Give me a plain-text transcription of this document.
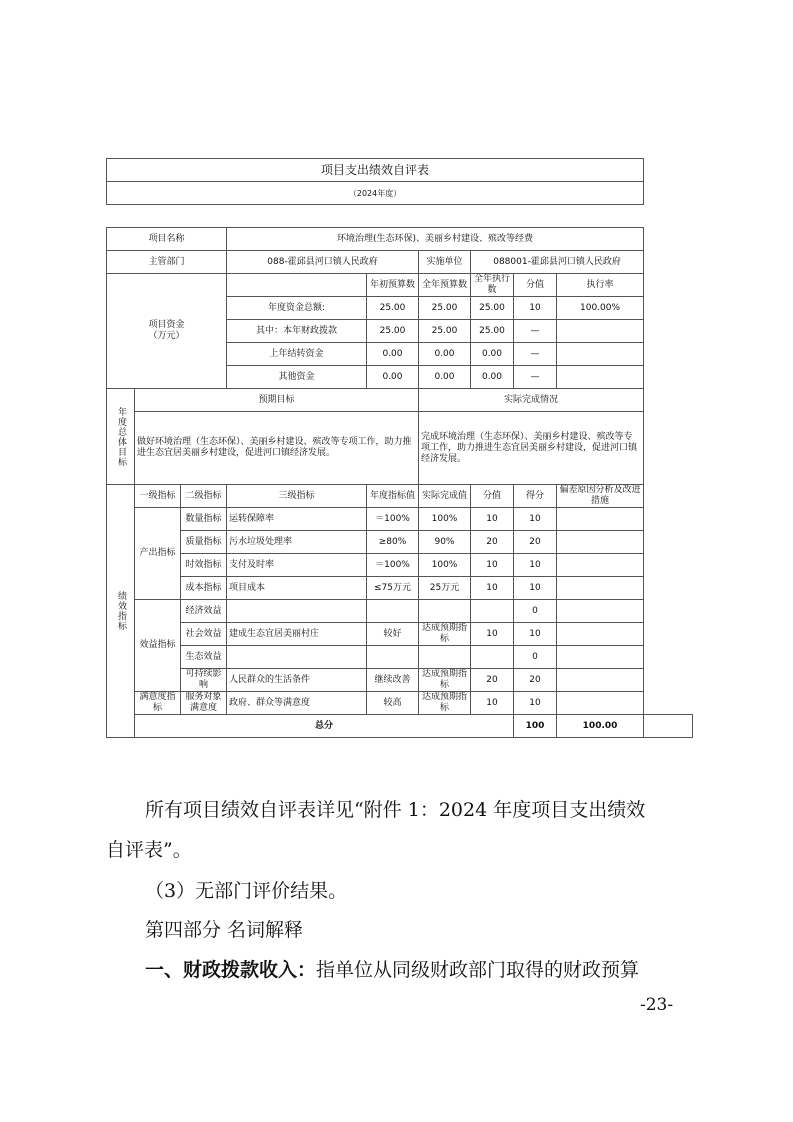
项目支出绩效自评表									
（2024年度）									

项目名称			环境治理(生态环保)、美丽乡村建设、殡改等经费						
主管部门			088-霍邱县河口镇人民政府		实施单位	088001-霍邱县河口镇人民政府			
项目资金
（万元）				年初预算数	全年预算数	全年执行数	分值	执行率	
			年度资金总额:	25.00	25.00	25.00	10	100.00%	
			其中：本年财政拨款	25.00	25.00	25.00	—		
			上年结转资金	0.00	0.00	0.00	—		
			其他资金	0.00	0.00	0.00	—		

年度总体目标	预期目标				实际完成情况				
	做好环境治理（生态环保）、美丽乡村建设、殡改等专项工作，助力推进生态宜居美丽乡村建设，促进河口镇经济发展。				完成环境治理（生态环保）、美丽乡村建设、殡改等专项工作，助力推进生态宜居美丽乡村建设，促进河口镇经济发展。				

绩效指标	一级指标	二级指标	三级指标	年度指标值	实际完成值	分值	得分	偏差原因分析及改进措施	
	产出指标	数量指标	运转保障率	＝100%	100%	10	10		
		质量指标	污水垃圾处理率	≥80%	90%	20	20		
		时效指标	支付及时率	＝100%	100%	10	10		
		成本指标	项目成本	≤75万元	25万元	10	10		
	效益指标	经济效益					0		
		社会效益	建成生态宜居美丽村庄	较好	达成预期指标	10	10		
		生态效益					0		
		可持续影响	人民群众的生活条件	继续改善	达成预期指标	20	20		
	满意度指标	服务对象满意度	政府、群众等满意度	较高	达成预期指标	10	10		
	总分						100	100.00	
所有项目绩效自评表详见“附件 1：2024 年度项目支出绩效
自评表”。
（3）无部门评价结果。
第四部分 名词解释
一、财政拨款收入：指单位从同级财政部门取得的财政预算
-23-
